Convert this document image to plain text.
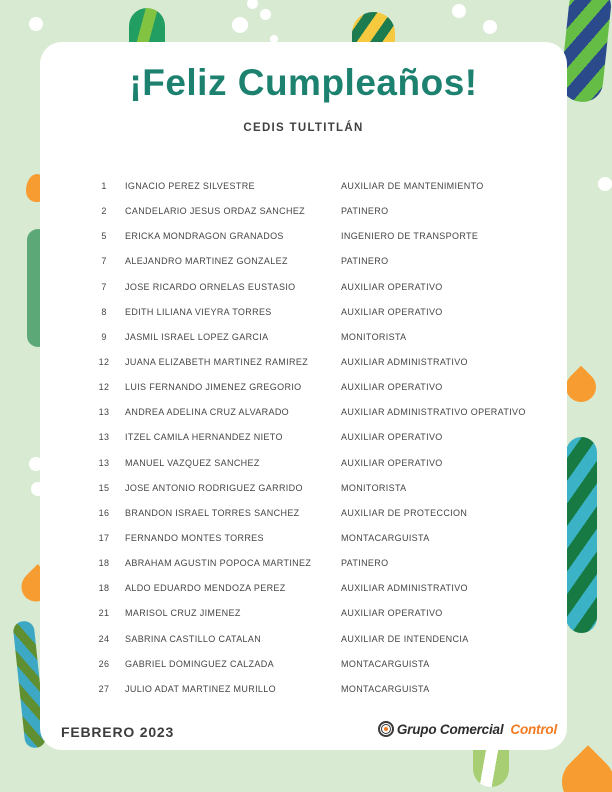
¡Feliz Cumpleaños!
CEDIS TULTITLÁN
1	IGNACIO PEREZ SILVESTRE	AUXILIAR DE MANTENIMIENTO
2	CANDELARIO JESUS ORDAZ SANCHEZ	PATINERO
5	ERICKA MONDRAGON GRANADOS	INGENIERO DE TRANSPORTE
7	ALEJANDRO MARTINEZ GONZALEZ	PATINERO
7	JOSE RICARDO ORNELAS EUSTASIO	AUXILIAR OPERATIVO
8	EDITH LILIANA VIEYRA TORRES	AUXILIAR OPERATIVO
9	JASMIL ISRAEL LOPEZ GARCIA	MONITORISTA
12	JUANA ELIZABETH MARTINEZ RAMIREZ	AUXILIAR ADMINISTRATIVO
12	LUIS FERNANDO JIMENEZ GREGORIO	AUXILIAR OPERATIVO
13	ANDREA ADELINA CRUZ ALVARADO	AUXILIAR ADMINISTRATIVO OPERATIVO
13	ITZEL CAMILA HERNANDEZ NIETO	AUXILIAR OPERATIVO
13	MANUEL VAZQUEZ SANCHEZ	AUXILIAR OPERATIVO
15	JOSE ANTONIO RODRIGUEZ GARRIDO	MONITORISTA
16	BRANDON ISRAEL TORRES SANCHEZ	AUXILIAR DE PROTECCION
17	FERNANDO MONTES TORRES	MONTACARGUISTA
18	ABRAHAM AGUSTIN POPOCA MARTINEZ	PATINERO
18	ALDO EDUARDO MENDOZA PEREZ	AUXILIAR ADMINISTRATIVO
21	MARISOL CRUZ JIMENEZ	AUXILIAR OPERATIVO
24	SABRINA CASTILLO CATALAN	AUXILIAR DE INTENDENCIA
26	GABRIEL DOMINGUEZ CALZADA	MONTACARGUISTA
27	JULIO ADAT MARTINEZ MURILLO	MONTACARGUISTA
FEBRERO 2023	Grupo Comercial Control
